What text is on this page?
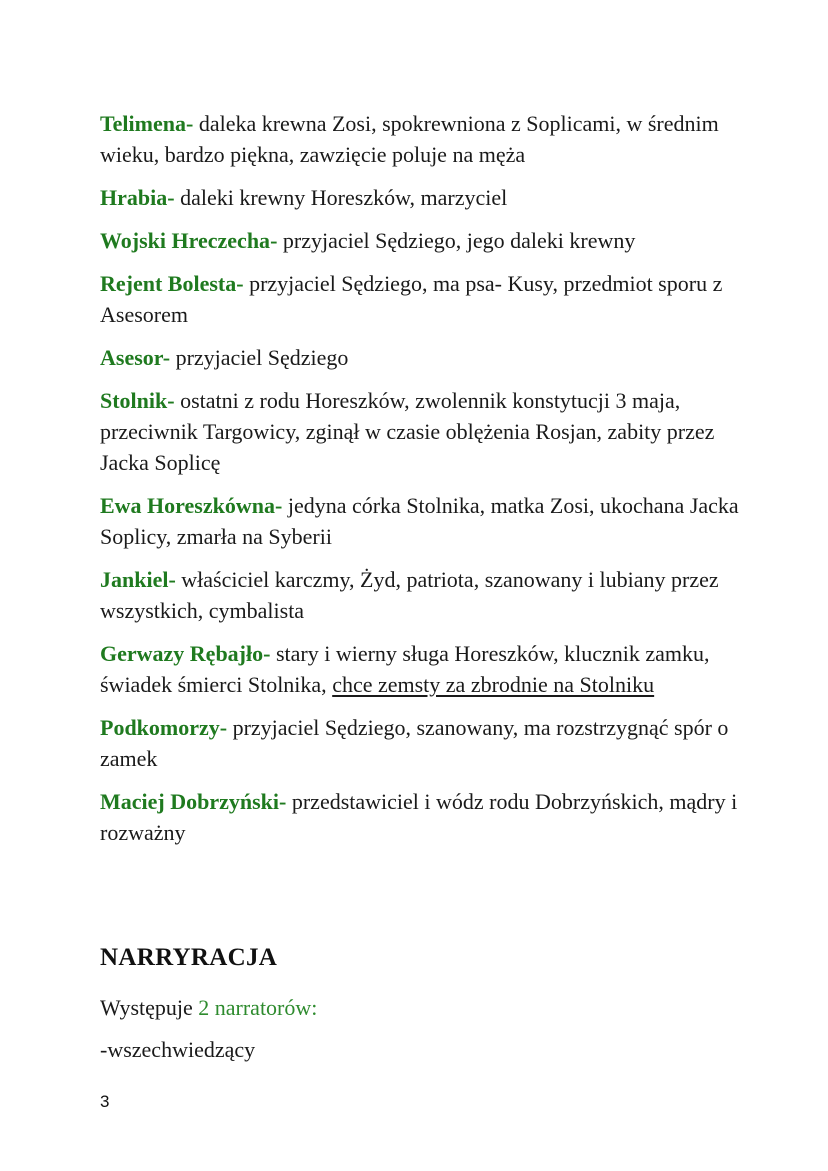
Telimena- daleka krewna Zosi, spokrewniona z Soplicami, w średnim wieku, bardzo piękna, zawzięcie poluje na męża

Hrabia- daleki krewny Horeszków, marzyciel

Wojski Hreczecha- przyjaciel Sędziego, jego daleki krewny

Rejent Bolesta- przyjaciel Sędziego, ma psa- Kusy, przedmiot sporu z Asesorem

Asesor- przyjaciel Sędziego

Stolnik- ostatni z rodu Horeszków, zwolennik konstytucji 3 maja, przeciwnik Targowicy, zginął w czasie oblężenia Rosjan, zabity przez Jacka Soplicę

Ewa Horeszkówna- jedyna córka Stolnika, matka Zosi, ukochana Jacka Soplicy, zmarła na Syberii

Jankiel- właściciel karczmy, Żyd, patriota, szanowany i lubiany przez wszystkich, cymbalista

Gerwazy Rębajło- stary i wierny sługa Horeszków, klucznik zamku, świadek śmierci Stolnika, chce zemsty za zbrodnie na Stolniku

Podkomorzy- przyjaciel Sędziego, szanowany, ma rozstrzygnąć spór o zamek

Maciej Dobrzyński- przedstawiciel i wódz rodu Dobrzyńskich, mądry i rozważny

NARRYRACJA
Występuje 2 narratorów:
-wszechwiedzący
3
